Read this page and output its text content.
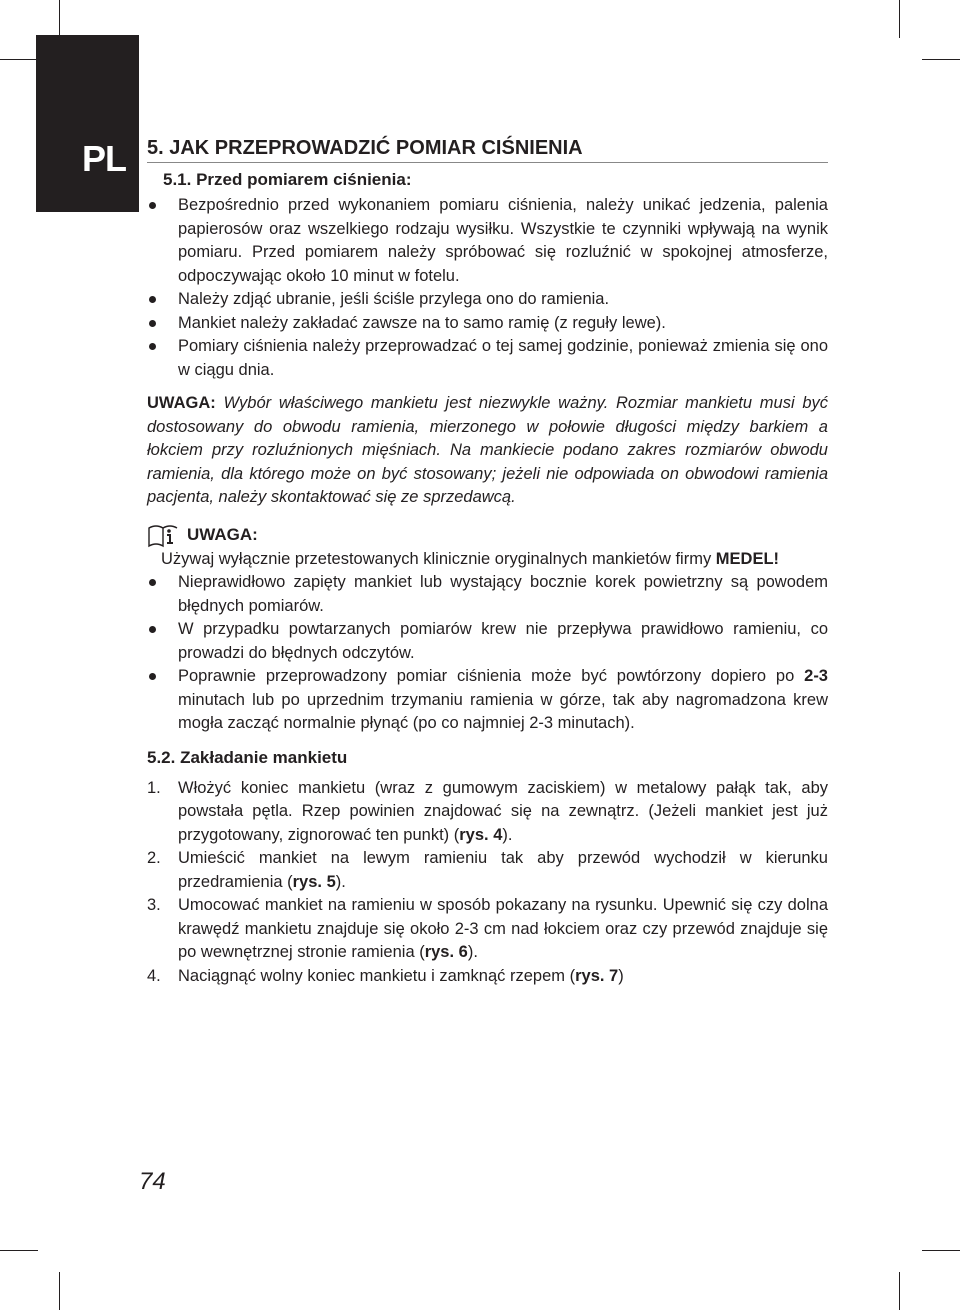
PL 5. JAK PRZEPROWADZIĆ POMIAR CIŚNIENIA
5.1. Przed pomiarem ciśnienia:
Bezpośrednio przed wykonaniem pomiaru ciśnienia, należy unikać jedzenia, palenia papierosów oraz wszelkiego rodzaju wysiłku. Wszystkie te czynniki wpływają na wynik pomiaru. Przed pomiarem należy spróbować się rozluźnić w spokojnej atmosferze, odpoczywając około 10 minut w fotelu.
Należy zdjąć ubranie, jeśli ściśle przylega ono do ramienia.
Mankiet należy zakładać zawsze na to samo ramię (z reguły lewe).
Pomiary ciśnienia należy przeprowadzać o tej samej godzinie, ponieważ zmienia się ono w ciągu dnia.
UWAGA: Wybór właściwego mankietu jest niezwykle ważny. Rozmiar mankietu musi być dostosowany do obwodu ramienia, mierzonego w połowie długości między barkiem a łokciem przy rozluźnionych mięśniach. Na mankiecie podano zakres rozmiarów obwodu ramienia, dla którego może on być stosowany; jeżeli nie odpowiada on obwodowi ramienia pacjenta, należy skontaktować się ze sprzedawcą.
UWAGA:
Używaj wyłącznie przetestowanych klinicznie oryginalnych mankietów firmy MEDEL!
Nieprawidłowo zapięty mankiet lub wystający bocznie korek powietrzny są powodem błędnych pomiarów.
W przypadku powtarzanych pomiarów krew nie przepływa prawidłowo ramieniu, co prowadzi do błędnych odczytów.
Poprawnie przeprowadzony pomiar ciśnienia może być powtórzony dopiero po 2-3 minutach lub po uprzednim trzymaniu ramienia w górze, tak aby nagromadzona krew mogła zacząć normalnie płynąć (po co najmniej 2-3 minutach).
5.2. Zakładanie mankietu
1. Włożyć koniec mankietu (wraz z gumowym zaciskiem) w metalowy pałąk tak, aby powstała pętla. Rzep powinien znajdować się na zewnątrz. (Jeżeli mankiet jest już przygotowany, zignorować ten punkt) (rys. 4).
2. Umieścić mankiet na lewym ramieniu tak aby przewód wychodził w kierunku przedramienia (rys. 5).
3. Umocować mankiet na ramieniu w sposób pokazany na rysunku. Upewnić się czy dolna krawędź mankietu znajduje się około 2-3 cm nad łokciem oraz czy przewód znajduje się po wewnętrznej stronie ramienia (rys. 6).
4. Naciągnąć wolny koniec mankietu i zamknąć rzepem (rys. 7)
74
